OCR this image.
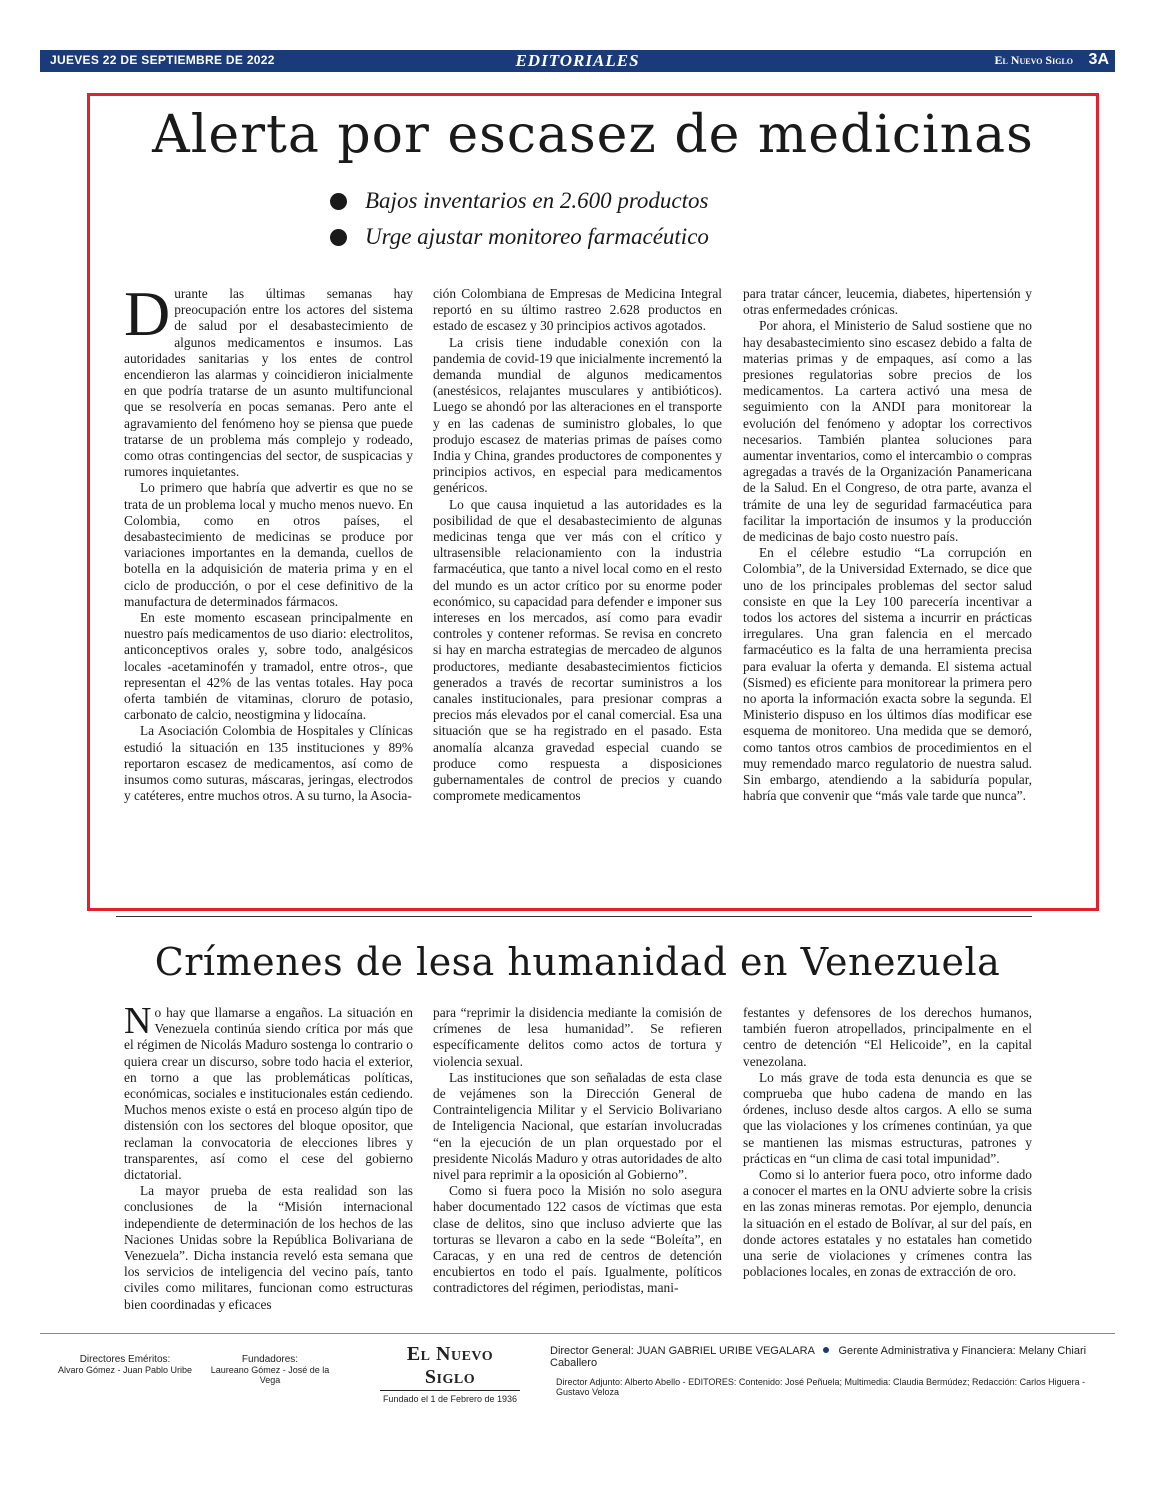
JUEVES 22 DE SEPTIEMBRE DE 2022	EDITORIALES	El Nuevo Siglo 3A
Alerta por escasez de medicinas
Bajos inventarios en 2.600 productos
Urge ajustar monitoreo farmacéutico

Durante las últimas semanas hay preocupación entre los actores del sistema de salud por el desabastecimiento de algunos medicamentos e insumos. Las autoridades sanitarias y los entes de control encendieron las alarmas y coincidieron inicialmente en que podría tratarse de un asunto multifuncional que se resolvería en pocas semanas. Pero ante el agravamiento del fenómeno hoy se piensa que puede tratarse de un problema más complejo y rodeado, como otras contingencias del sector, de suspicacias y rumores inquietantes.

Lo primero que habría que advertir es que no se trata de un problema local y mucho menos nuevo. En Colombia, como en otros países, el desabastecimiento de medicinas se produce por variaciones importantes en la demanda, cuellos de botella en la adquisición de materia prima y en el ciclo de producción, o por el cese definitivo de la manufactura de determinados fármacos.

En este momento escasean principalmente en nuestro país medicamentos de uso diario: electrolitos, anticonceptivos orales y, sobre todo, analgésicos locales -acetaminofén y tramadol, entre otros-, que representan el 42% de las ventas totales. Hay poca oferta también de vitaminas, cloruro de potasio, carbonato de calcio, neostigmina y lidocaína.

La Asociación Colombia de Hospitales y Clínicas estudió la situación en 135 instituciones y 89% reportaron escasez de medicamentos, así como de insumos como suturas, máscaras, jeringas, electrodos y catéteres, entre muchos otros. A su turno, la Asocia-

ción Colombiana de Empresas de Medicina Integral reportó en su último rastreo 2.628 productos en estado de escasez y 30 principios activos agotados.

La crisis tiene indudable conexión con la pandemia de covid-19 que inicialmente incrementó la demanda mundial de algunos medicamentos (anestésicos, relajantes musculares y antibióticos). Luego se ahondó por las alteraciones en el transporte y en las cadenas de suministro globales, lo que produjo escasez de materias primas de países como India y China, grandes productores de componentes y principios activos, en especial para medicamentos genéricos.

Lo que causa inquietud a las autoridades es la posibilidad de que el desabastecimiento de algunas medicinas tenga que ver más con el crítico y ultrasensible relacionamiento con la industria farmacéutica, que tanto a nivel local como en el resto del mundo es un actor crítico por su enorme poder económico, su capacidad para defender e imponer sus intereses en los mercados, así como para evadir controles y contener reformas. Se revisa en concreto si hay en marcha estrategias de mercadeo de algunos productores, mediante desabastecimientos ficticios generados a través de recortar suministros a los canales institucionales, para presionar compras a precios más elevados por el canal comercial. Esa una situación que se ha registrado en el pasado. Esta anomalía alcanza gravedad especial cuando se produce como respuesta a disposiciones gubernamentales de control de precios y cuando compromete medicamentos

para tratar cáncer, leucemia, diabetes, hipertensión y otras enfermedades crónicas.

Por ahora, el Ministerio de Salud sostiene que no hay desabastecimiento sino escasez debido a falta de materias primas y de empaques, así como a las presiones regulatorias sobre precios de los medicamentos. La cartera activó una mesa de seguimiento con la ANDI para monitorear la evolución del fenómeno y adoptar los correctivos necesarios. También plantea soluciones para aumentar inventarios, como el intercambio o compras agregadas a través de la Organización Panamericana de la Salud. En el Congreso, de otra parte, avanza el trámite de una ley de seguridad farmacéutica para facilitar la importación de insumos y la producción de medicinas de bajo costo nuestro país.

En el célebre estudio “La corrupción en Colombia”, de la Universidad Externado, se dice que uno de los principales problemas del sector salud consiste en que la Ley 100 parecería incentivar a todos los actores del sistema a incurrir en prácticas irregulares. Una gran falencia en el mercado farmacéutico es la falta de una herramienta precisa para evaluar la oferta y demanda. El sistema actual (Sismed) es eficiente para monitorear la primera pero no aporta la información exacta sobre la segunda. El Ministerio dispuso en los últimos días modificar ese esquema de monitoreo. Una medida que se demoró, como tantos otros cambios de procedimientos en el muy remendado marco regulatorio de nuestra salud. Sin embargo, atendiendo a la sabiduría popular, habría que convenir que “más vale tarde que nunca”.

Crímenes de lesa humanidad en Venezuela

No hay que llamarse a engaños. La situación en Venezuela continúa siendo crítica por más que el régimen de Nicolás Maduro sostenga lo contrario o quiera crear un discurso, sobre todo hacia el exterior, en torno a que las problemáticas políticas, económicas, sociales e institucionales están cediendo. Muchos menos existe o está en proceso algún tipo de distensión con los sectores del bloque opositor, que reclaman la convocatoria de elecciones libres y transparentes, así como el cese del gobierno dictatorial.

La mayor prueba de esta realidad son las conclusiones de la “Misión internacional independiente de determinación de los hechos de las Naciones Unidas sobre la República Bolivariana de Venezuela”. Dicha instancia reveló esta semana que los servicios de inteligencia del vecino país, tanto civiles como militares, funcionan como estructuras bien coordinadas y eficaces

para “reprimir la disidencia mediante la comisión de crímenes de lesa humanidad”. Se refieren específicamente delitos como actos de tortura y violencia sexual.

Las instituciones que son señaladas de esta clase de vejámenes son la Dirección General de Contrainteligencia Militar y el Servicio Bolivariano de Inteligencia Nacional, que estarían involucradas “en la ejecución de un plan orquestado por el presidente Nicolás Maduro y otras autoridades de alto nivel para reprimir a la oposición al Gobierno”.

Como si fuera poco la Misión no solo asegura haber documentado 122 casos de víctimas que esta clase de delitos, sino que incluso advierte que las torturas se llevaron a cabo en la sede “Boleíta”, en Caracas, y en una red de centros de detención encubiertos en todo el país. Igualmente, políticos contradictores del régimen, periodistas, mani-

festantes y defensores de los derechos humanos, también fueron atropellados, principalmente en el centro de detención “El Helicoide”, en la capital venezolana.

Lo más grave de toda esta denuncia es que se comprueba que hubo cadena de mando en las órdenes, incluso desde altos cargos. A ello se suma que las violaciones y los crímenes continúan, ya que se mantienen las mismas estructuras, patrones y prácticas en “un clima de casi total impunidad”.

Como si lo anterior fuera poco, otro informe dado a conocer el martes en la ONU advierte sobre la crisis en las zonas mineras remotas. Por ejemplo, denuncia la situación en el estado de Bolívar, al sur del país, en donde actores estatales y no estatales han cometido una serie de violaciones y crímenes contra las poblaciones locales, en zonas de extracción de oro.

Directores Eméritos:
Alvaro Gómez - Juan Pablo Uribe
Fundadores:
Laureano Gómez - José de la Vega
El Nuevo Siglo
Fundado el 1 de Febrero de 1936
Director General: JUAN GABRIEL URIBE VEGALARA Gerente Administrativa y Financiera: Melany Chiari Caballero
Director Adjunto: Alberto Abello - EDITORES: Contenido: José Peñuela; Multimedia: Claudia Bermúdez; Redacción: Carlos Higuera - Gustavo Veloza
